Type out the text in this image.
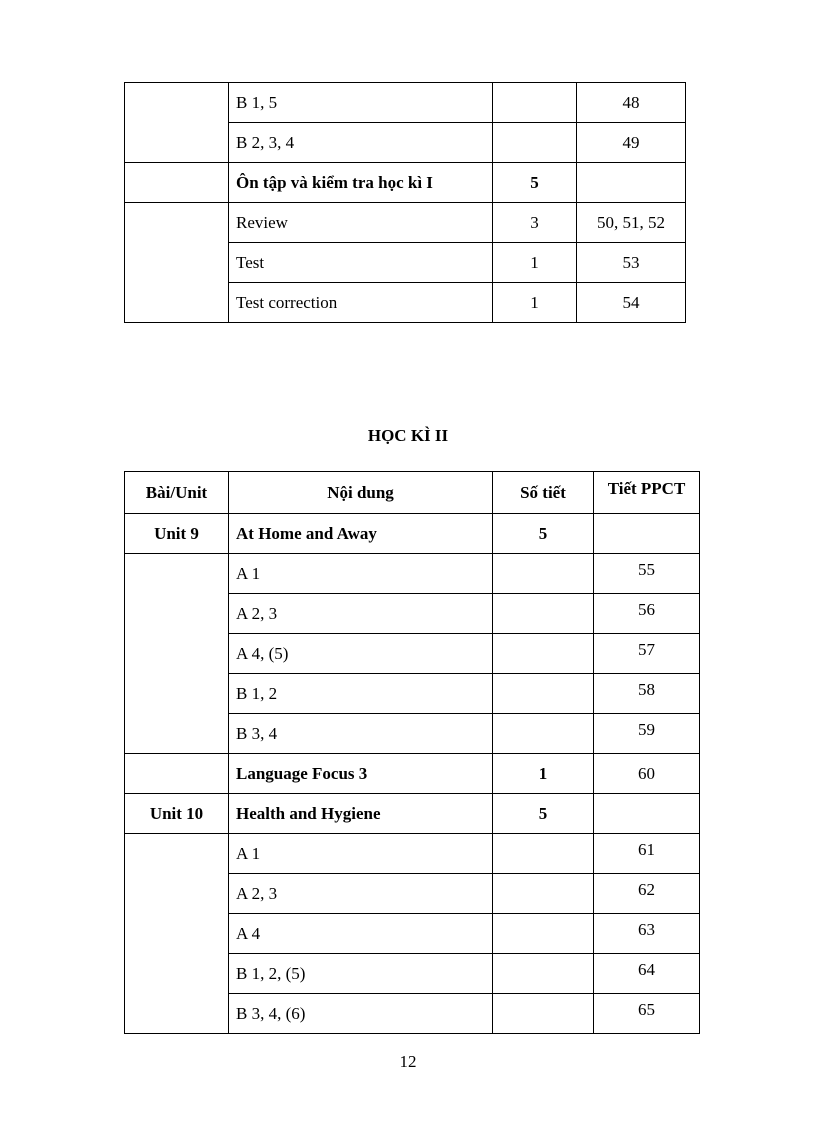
	B 1, 5		48
	B 2, 3, 4		49
	Ôn tập và kiểm tra học kì I	5	
	Review	3	50, 51, 52
	Test	1	53
	Test correction	1	54
HỌC KÌ II
Bài/Unit	Nội dung	Số tiết	Tiết PPCT
Unit 9	At Home and Away	5	
	A 1		55
	A 2, 3		56
	A 4, (5)		57
	B 1, 2		58
	B 3, 4		59
	Language Focus 3	1	60
Unit 10	Health and Hygiene	5	
	A 1		61
	A 2, 3		62
	A 4		63
	B 1, 2, (5)		64
	B 3, 4, (6)		65
12
